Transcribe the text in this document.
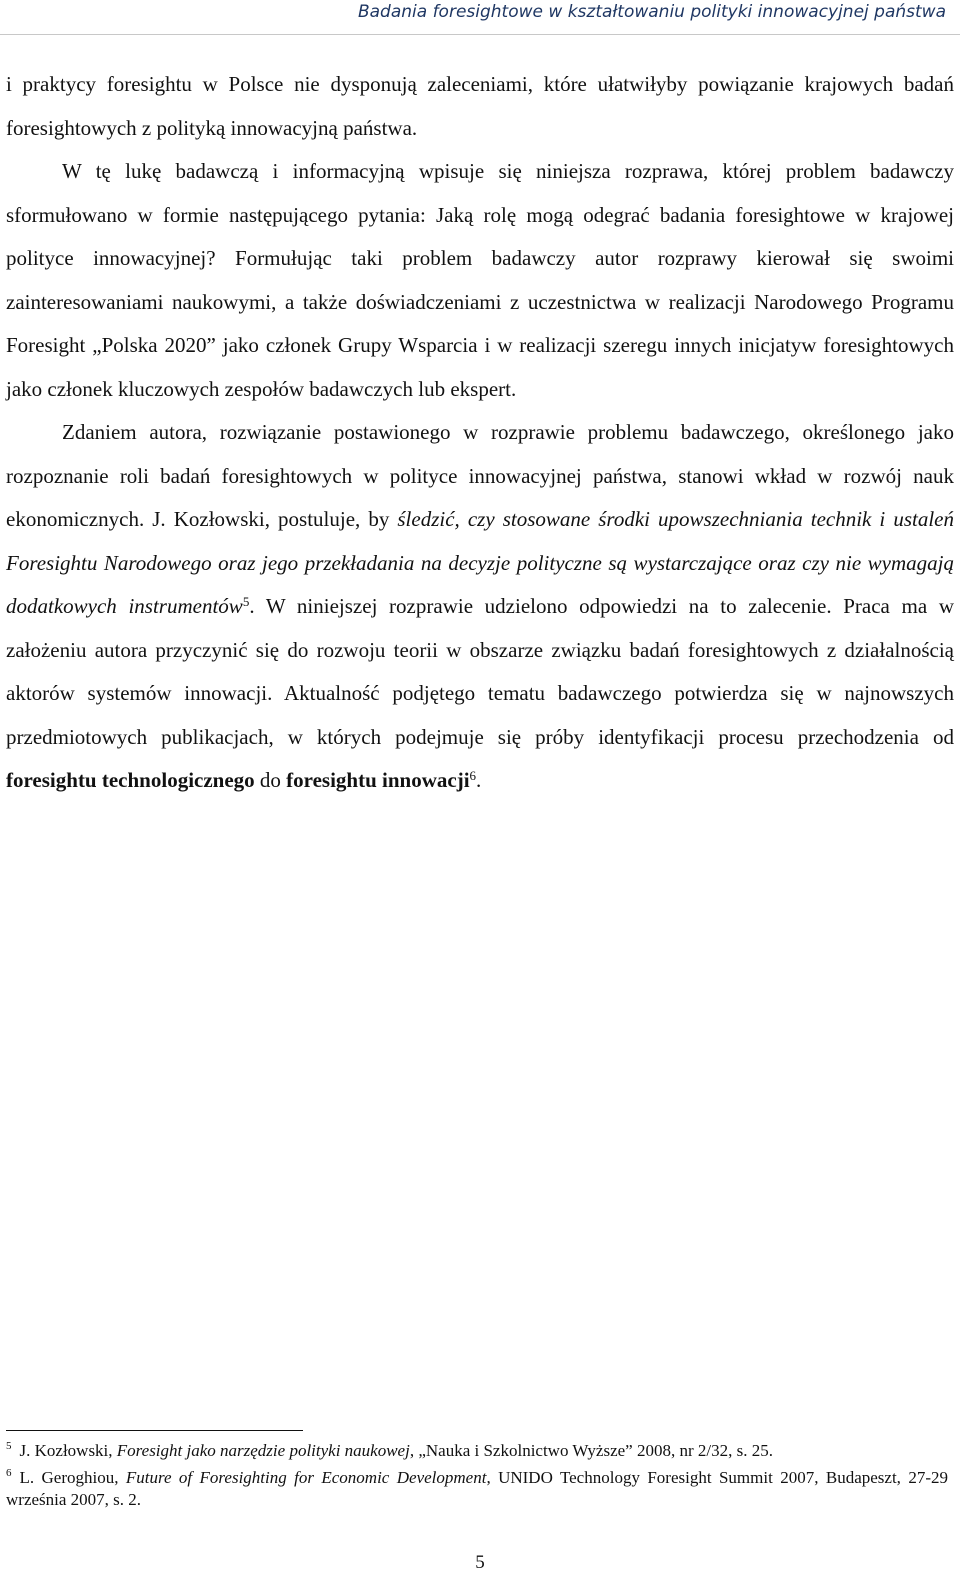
Badania foresightowe w kształtowaniu polityki innowacyjnej państwa

i praktycy foresightu w Polsce nie dysponują zaleceniami, które ułatwiłyby powiązanie krajowych badań foresightowych z polityką innowacyjną państwa.

W tę lukę badawczą i informacyjną wpisuje się niniejsza rozprawa, której problem badawczy sformułowano w formie następującego pytania: Jaką rolę mogą odegrać badania foresightowe w krajowej polityce innowacyjnej? Formułując taki problem badawczy autor rozprawy kierował się swoimi zainteresowaniami naukowymi, a także doświadczeniami z uczestnictwa w realizacji Narodowego Programu Foresight „Polska 2020” jako członek Grupy Wsparcia i w realizacji szeregu innych inicjatyw foresightowych jako członek kluczowych zespołów badawczych lub ekspert.

Zdaniem autora, rozwiązanie postawionego w rozprawie problemu badawczego, określonego jako rozpoznanie roli badań foresightowych w polityce innowacyjnej państwa, stanowi wkład w rozwój nauk ekonomicznych. J. Kozłowski, postuluje, by śledzić, czy stosowane środki upowszechniania technik i ustaleń Foresightu Narodowego oraz jego przekładania na decyzje polityczne są wystarczające oraz czy nie wymagają dodatkowych instrumentów$^5$. W niniejszej rozprawie udzielono odpowiedzi na to zalecenie. Praca ma w założeniu autora przyczynić się do rozwoju teorii w obszarze związku badań foresightowych z działalnością aktorów systemów innowacji. Aktualność podjętego tematu badawczego potwierdza się w najnowszych przedmiotowych publikacjach, w których podejmuje się próby identyfikacji procesu przechodzenia od foresightu technologicznego do foresightu innowacji$^6$.

$^5$ J. Kozłowski, Foresight jako narzędzie polityki naukowej, „Nauka i Szkolnictwo Wyższe” 2008, nr 2/32, s. 25.

$^6$ L. Geroghiou, Future of Foresighting for Economic Development, UNIDO Technology Foresight Summit 2007, Budapeszt, 27-29 września 2007, s. 2.

5
